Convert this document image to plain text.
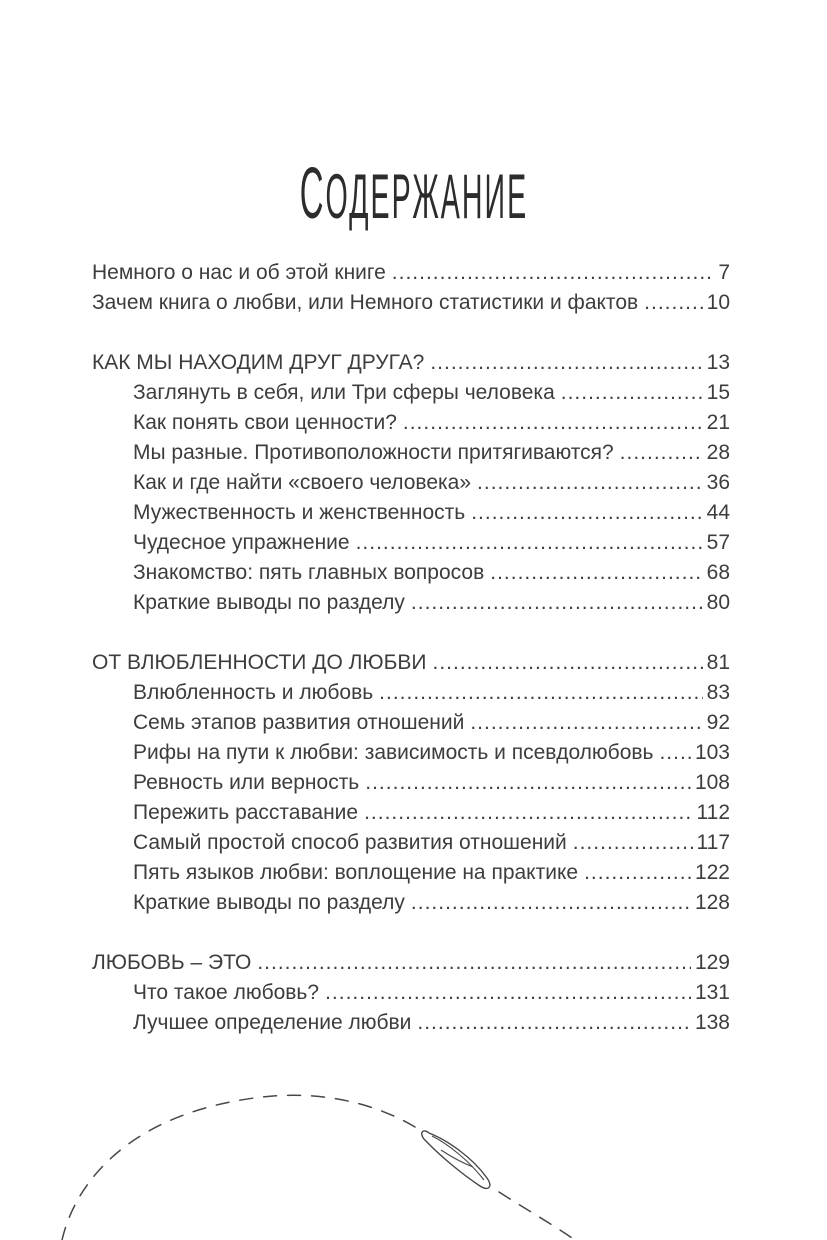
СОДЕРЖАНИЕ
Немного о нас и об этой книге .....	7
Зачем книга о любви, или Немного статистики и фактов .....	10
КАК МЫ НАХОДИМ ДРУГ ДРУГА? .....	13
Заглянуть в себя, или Три сферы человека .....	15
Как понять свои ценности? .....	21
Мы разные. Противоположности притягиваются? .....	28
Как и где найти «своего человека» .....	36
Мужественность и женственность .....	44
Чудесное упражнение .....	57
Знакомство: пять главных вопросов .....	68
Краткие выводы по разделу .....	80
ОТ ВЛЮБЛЕННОСТИ ДО ЛЮБВИ .....	81
Влюбленность и любовь .....	83
Семь этапов развития отношений .....	92
Рифы на пути к любви: зависимость и псевдолюбовь ..... 103
Ревность или верность .....	108
Пережить расставание .....	112
Самый простой способ развития отношений .....	117
Пять языков любви: воплощение на практике .....	122
Краткие выводы по разделу .....	128
ЛЮБОВЬ – ЭТО .....	129
Что такое любовь? .....	131
Лучшее определение любви .....	138
